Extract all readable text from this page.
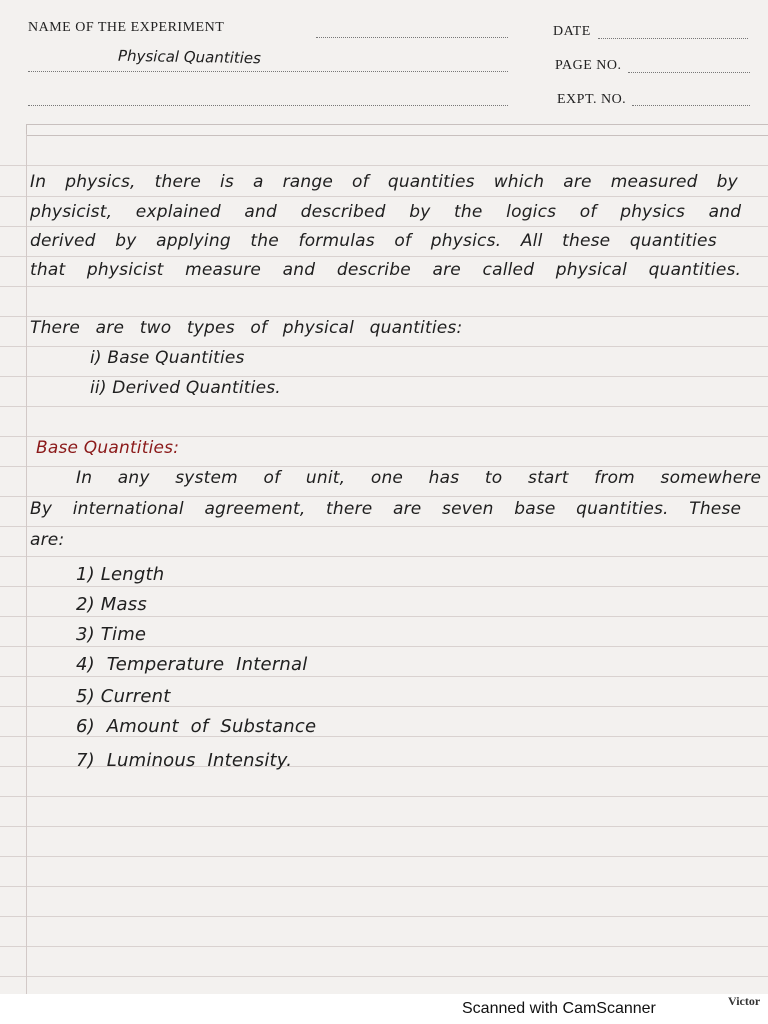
NAME OF THE EXPERIMENT
Physical Quantities
DATE
PAGE NO.
EXPT. NO.
In physics, there is a range of quantities which are measured by
physicist, explained and described by the logics of physics and
derived by applying the formulas of physics. All these quantities
that physicist measure and describe are called physical quantities.
There are two types of physical quantities:
i) Base Quantities
ii) Derived Quantities.
Base Quantities:
In any system of unit, one has to start from somewhere
By international agreement, there are seven base quantities. These
are:
1) Length
2) Mass
3) Time
4) Temperature Internal
5) Current
6) Amount of Substance
7) Luminous Intensity.
Scanned with CamScanner	Victor
